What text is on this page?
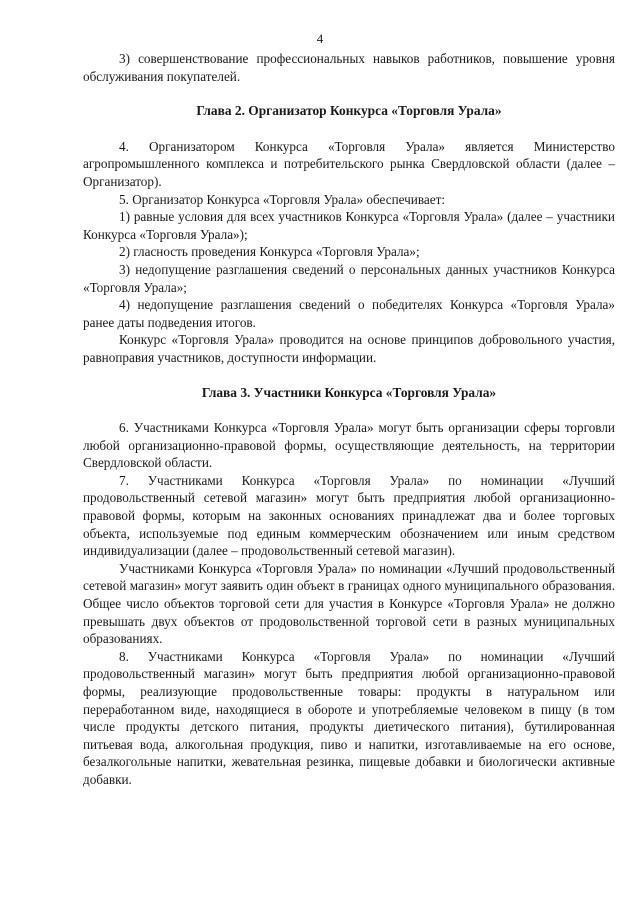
4

3) совершенствование профессиональных навыков работников, повышение уровня обслуживания покупателей.

Глава 2. Организатор Конкурса «Торговля Урала»

4. Организатором Конкурса «Торговля Урала» является Министерство агропромышленного комплекса и потребительского рынка Свердловской области (далее – Организатор).

5. Организатор Конкурса «Торговля Урала» обеспечивает:

1) равные условия для всех участников Конкурса «Торговля Урала» (далее – участники Конкурса «Торговля Урала»);

2) гласность проведения Конкурса «Торговля Урала»;

3) недопущение разглашения сведений о персональных данных участников Конкурса «Торговля Урала»;

4) недопущение разглашения сведений о победителях Конкурса «Торговля Урала» ранее даты подведения итогов.

Конкурс «Торговля Урала» проводится на основе принципов добровольного участия, равноправия участников, доступности информации.

Глава 3. Участники Конкурса «Торговля Урала»

6. Участниками Конкурса «Торговля Урала» могут быть организации сферы торговли любой организационно-правовой формы, осуществляющие деятельность, на территории Свердловской области.

7. Участниками Конкурса «Торговля Урала» по номинации «Лучший продовольственный сетевой магазин» могут быть предприятия любой организационно-правовой формы, которым на законных основаниях принадлежат два и более торговых объекта, используемые под единым коммерческим обозначением или иным средством индивидуализации (далее – продовольственный сетевой магазин).

Участниками Конкурса «Торговля Урала» по номинации «Лучший продовольственный сетевой магазин» могут заявить один объект в границах одного муниципального образования. Общее число объектов торговой сети для участия в Конкурсе «Торговля Урала» не должно превышать двух объектов от продовольственной торговой сети в разных муниципальных образованиях.

8. Участниками Конкурса «Торговля Урала» по номинации «Лучший продовольственный магазин» могут быть предприятия любой организационно-правовой формы, реализующие продовольственные товары: продукты в натуральном или переработанном виде, находящиеся в обороте и употребляемые человеком в пищу (в том числе продукты детского питания, продукты диетического питания), бутилированная питьевая вода, алкогольная продукция, пиво и напитки, изготавливаемые на его основе, безалкогольные напитки, жевательная резинка, пищевые добавки и биологически активные добавки.
